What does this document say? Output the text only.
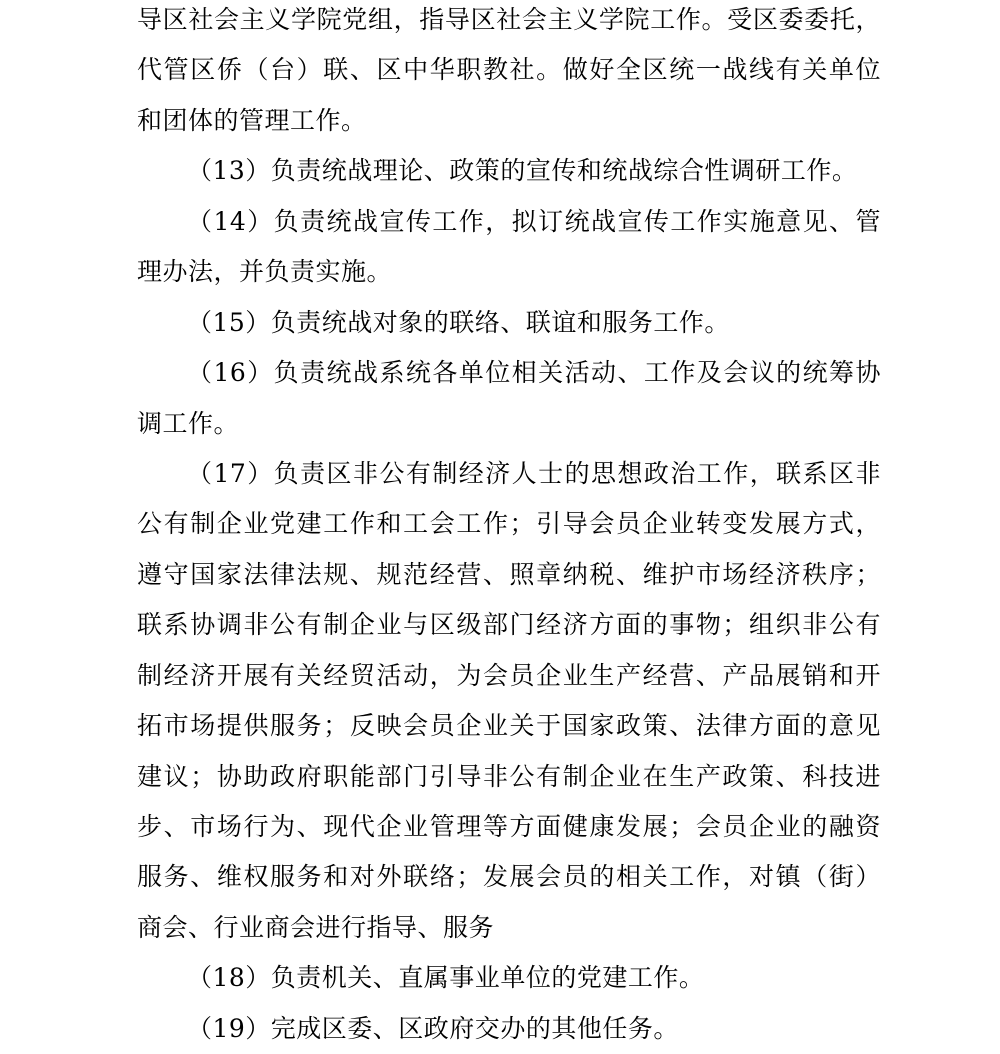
导区社会主义学院党组，指导区社会主义学院工作。受区委委托，
代管区侨（台）联、区中华职教社。做好全区统一战线有关单位
和团体的管理工作。
（13）负责统战理论、政策的宣传和统战综合性调研工作。
（14）负责统战宣传工作，拟订统战宣传工作实施意见、管
理办法，并负责实施。
（15）负责统战对象的联络、联谊和服务工作。
（16）负责统战系统各单位相关活动、工作及会议的统筹协
调工作。
（17）负责区非公有制经济人士的思想政治工作，联系区非
公有制企业党建工作和工会工作；引导会员企业转变发展方式，
遵守国家法律法规、规范经营、照章纳税、维护市场经济秩序；
联系协调非公有制企业与区级部门经济方面的事物；组织非公有
制经济开展有关经贸活动，为会员企业生产经营、产品展销和开
拓市场提供服务；反映会员企业关于国家政策、法律方面的意见
建议；协助政府职能部门引导非公有制企业在生产政策、科技进
步、市场行为、现代企业管理等方面健康发展；会员企业的融资
服务、维权服务和对外联络；发展会员的相关工作，对镇（街）
商会、行业商会进行指导、服务
（18）负责机关、直属事业单位的党建工作。
（19）完成区委、区政府交办的其他任务。
